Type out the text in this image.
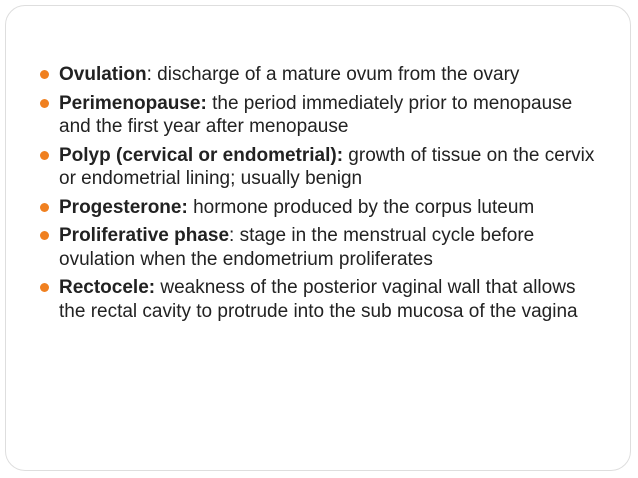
Ovulation: discharge of a mature ovum from the ovary
Perimenopause: the period immediately prior to menopause and the first year after menopause
Polyp (cervical or endometrial): growth of tissue on the cervix or endometrial lining; usually benign
Progesterone: hormone produced by the corpus luteum
Proliferative phase: stage in the menstrual cycle before ovulation when the endometrium proliferates
Rectocele: weakness of the posterior vaginal wall that allows the rectal cavity to protrude into the sub mucosa of the vagina
